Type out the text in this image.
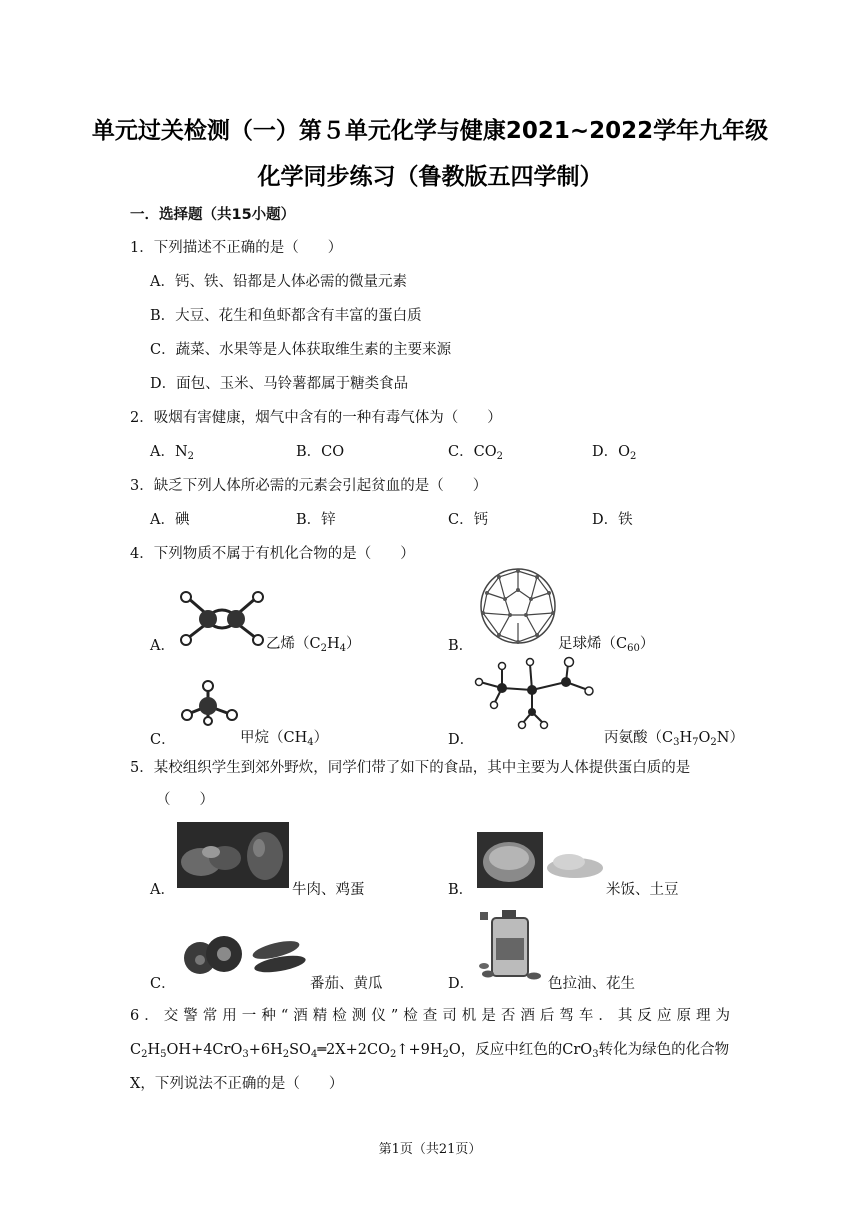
单元过关检测（一）第５单元化学与健康2021~2022学年九年级
化学同步练习（鲁教版五四学制）
一．选择题（共15小题）
1．下列描述不正确的是（　　）
A．钙、铁、铅都是人体必需的微量元素
B．大豆、花生和鱼虾都含有丰富的蛋白质
C．蔬菜、水果等是人体获取维生素的主要来源
D．面包、玉米、马铃薯都属于糖类食品
2．吸烟有害健康，烟气中含有的一种有毒气体为（　　）
A．$N_2$	B．CO	C．$CO_2$	D．$O_2$
3．缺乏下列人体所必需的元素会引起贫血的是（　　）
A．碘	B．锌	C．钙	D．铁
4．下列物质不属于有机化合物的是（　　）
A．	乙烯$(C_2H_4)$	B．	足球烯$(C_{60})$
C．	甲烷$(CH_4)$	D．	丙氨酸$(C_3H_7O_2N)$
5．某校组织学生到郊外野炊，同学们带了如下的食品，其中主要为人体提供蛋白质的是
（　　）
A．	牛肉、鸡蛋	B．	米饭、土豆
C．	番茄、黄瓜	D．	色拉油、花生
6．交警常用一种“酒精检测仪”检查司机是否酒后驾车．其反应原理为
$C_2H_5OH+4CrO_3+6H_2SO_4═2X+2CO_2↑+9H_2O$，反应中红色的CrO$_3$转化为绿色的化合物
X，下列说法不正确的是（　　）
第1页（共21页）
